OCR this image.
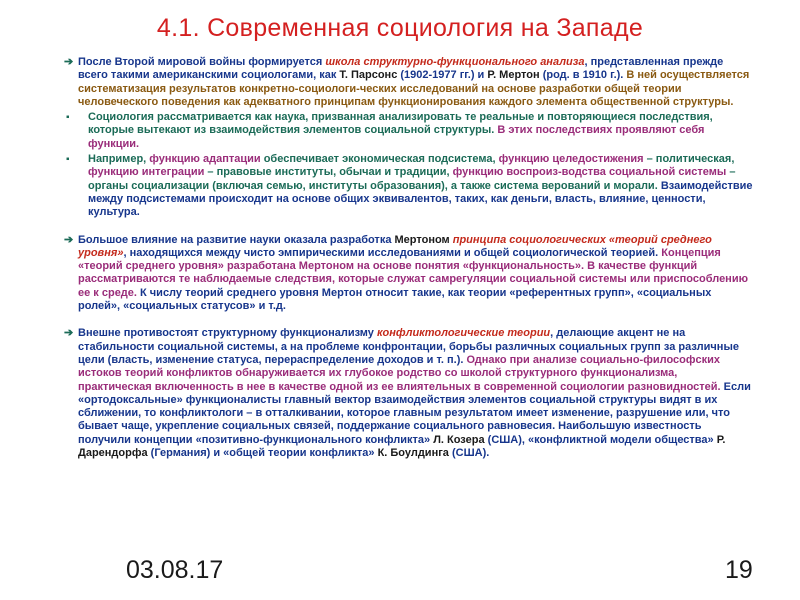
4.1. Современная социология на Западе
➔ После Второй мировой войны формируется школа структурно-функционального анализа, представленная прежде всего такими американскими социологами, как Т. Парсонс (1902-1977 гг.) и Р. Мертон (род. в 1910 г.). В ней осуществляется систематизация результатов конкретно-социологи-ческих исследований на основе разработки общей теории человеческого поведения как адекватного принципам функционирования каждого элемента общественной структуры.
▪ Социология рассматривается как наука, призванная анализировать те реальные и повторяющиеся последствия, которые вытекают из взаимодействия элементов социальной структуры. В этих последствиях проявляют себя функции.
▪ Например, функцию адаптации обеспечивает экономическая подсистема, функцию целедостижения – политическая, функцию интеграции – правовые институты, обычаи и традиции, функцию воспроиз-водства социальной системы – органы социализации (включая семью, институты образования), а также система верований и морали. Взаимодействие между подсистемами происходит на основе общих эквивалентов, таких, как деньги, власть, влияние, ценности, культура.
➔ Большое влияние на развитие науки оказала разработка Мертоном принципа социологических «теорий среднего уровня», находящихся между чисто эмпирическими исследованиями и общей социологической теорией. Концепция «теорий среднего уровня» разработана Мертоном на основе понятия «функциональность». В качестве функций рассматриваются те наблюдаемые следствия, которые служат самрегуляции социальной системы или приспособлению ее к среде. К числу теорий среднего уровня Мертон относит такие, как теории «референтных групп», «социальных ролей», «социальных статусов» и т.д.
➔ Внешне противостоят структурному функционализму конфликтологические теории, делающие акцент не на стабильности социальной системы, а на проблеме конфронтации, борьбы различных социальных групп за различные цели (власть, изменение статуса, перераспределение доходов и т. п.). Однако при анализе социально-философских истоков теорий конфликтов обнаруживается их глубокое родство со школой структурного функционализма, практическая включенность в нее в качестве одной из ее влиятельных в современной социологии разновидностей. Если «ортодоксальные» функционалисты главный вектор взаимодействия элементов социальной структуры видят в их сближении, то конфликтологи – в отталкивании, которое главным результатом имеет изменение, разрушение или, что бывает чаще, укрепление социальных связей, поддержание социального равновесия. Наибольшую известность получили концепции «позитивно-функционального конфликта» Л. Козера (США), «конфликтной модели общества» Р. Дарендорфа (Германия) и «общей теории конфликта» К. Боулдинга (США).
03.08.17	19
